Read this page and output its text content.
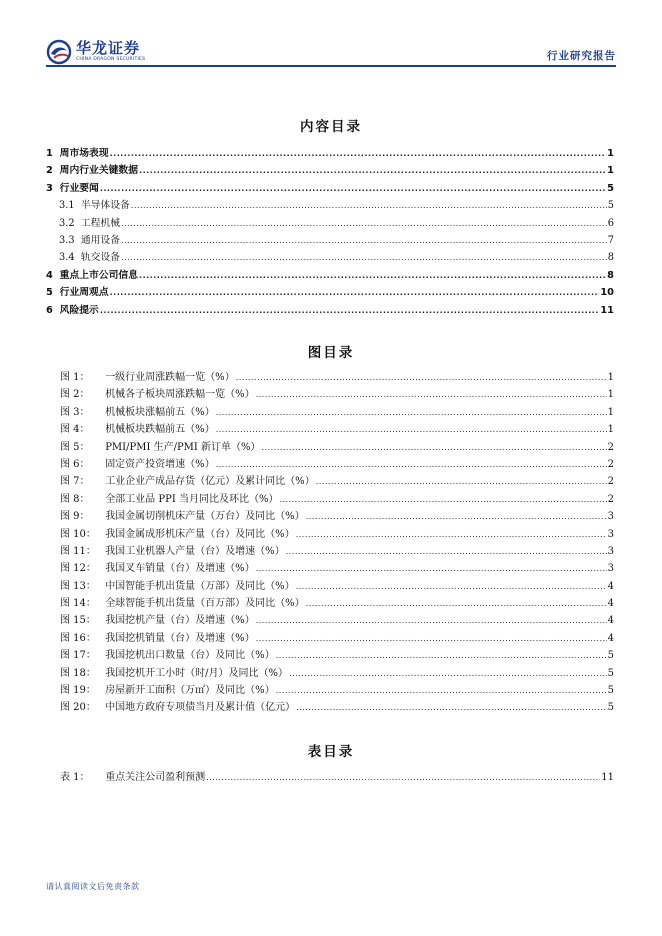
华龙证券
CHINA DRAGON SECURITIES	行业研究报告
内容目录
1 周市场表现 .....	1
2 周内行业关键数据 .....	1
3 行业要闻 .....	5
3.1 半导体设备 .....	5
3.2 工程机械 .....	6
3.3 通用设备 .....	7
3.4 轨交设备 .....	8
4 重点上市公司信息 .....	8
5 行业周观点 .....	10
6 风险提示 .....	11
图目录
图 1： 一级行业周涨跌幅一览（%） .....	1
图 2： 机械各子板块周涨跌幅一览（%） .....	1
图 3： 机械板块涨幅前五（%） .....	1
图 4： 机械板块跌幅前五（%） .....	1
图 5： PMI/PMI 生产/PMI 新订单（%） .....	2
图 6： 固定资产投资增速（%） .....	2
图 7： 工业企业产成品存货（亿元）及累计同比（%） .....	2
图 8： 全部工业品 PPI 当月同比及环比（%） .....	2
图 9： 我国金属切削机床产量（万台）及同比（%） .....	3
图 10： 我国金属成形机床产量（台）及同比（%） .....	3
图 11： 我国工业机器人产量（台）及增速（%） .....	3
图 12： 我国叉车销量（台）及增速（%） .....	3
图 13： 中国智能手机出货量（万部）及同比（%） .....	4
图 14： 全球智能手机出货量（百万部）及同比（%） .....	4
图 15： 我国挖机产量（台）及增速（%） .....	4
图 16： 我国挖机销量（台）及增速（%） .....	4
图 17： 我国挖机出口数量（台）及同比（%） .....	5
图 18： 我国挖机开工小时（时/月）及同比（%） .....	5
图 19： 房屋新开工面积（万㎡）及同比（%） .....	5
图 20： 中国地方政府专项债当月及累计值（亿元） .....	5
表目录
表 1： 重点关注公司盈利预测 .....	11
请认真阅读文后免责条款
